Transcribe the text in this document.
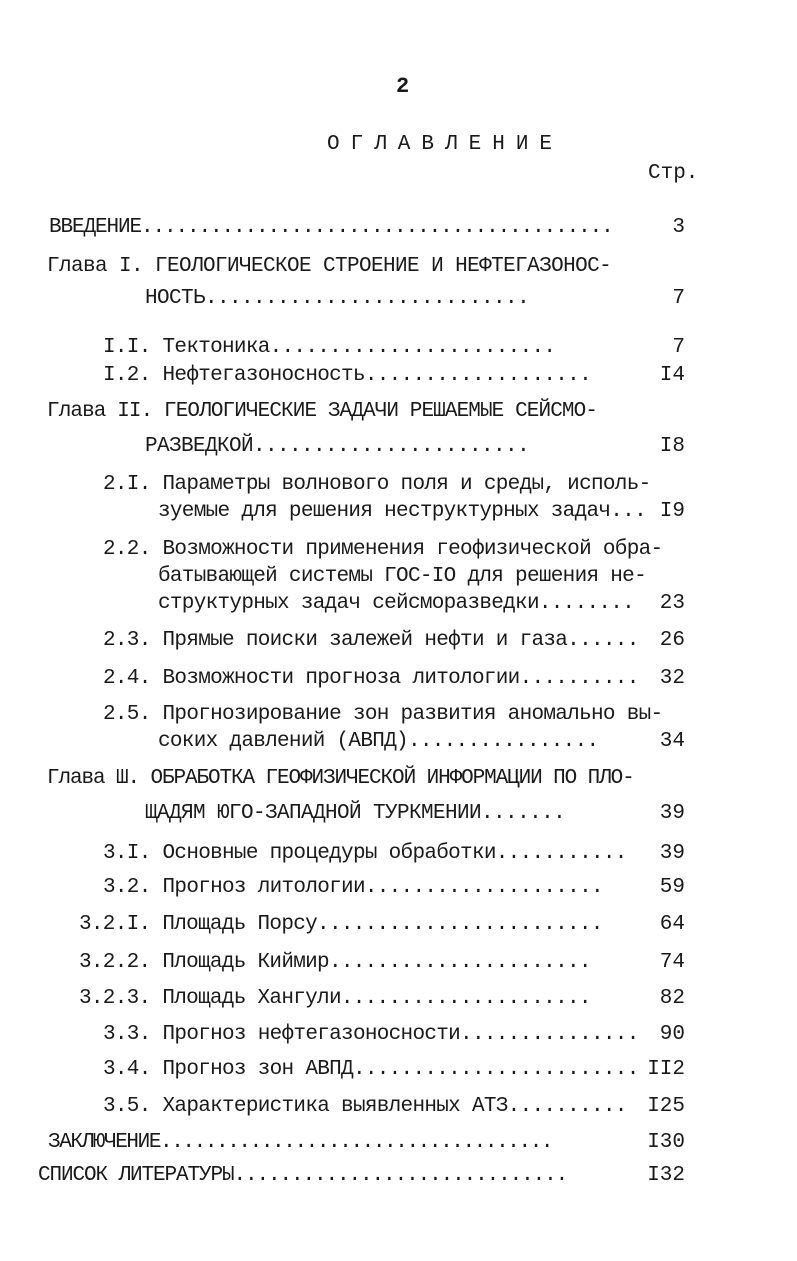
2
ОГЛАВЛЕНИЕ
Стр.
ВВЕДЕНИЕ.........................................	3
Глава I. ГЕОЛОГИЧЕСКОЕ СТРОЕНИЕ И НЕФТЕГАЗОНОС-
НОСТЬ...........................	7
I.I. Тектоника........................	7
I.2. Нефтегазоносность...................	I4
Глава II. ГЕОЛОГИЧЕСКИЕ ЗАДАЧИ РЕШАЕМЫЕ СЕЙСМО-
РАЗВЕДКОЙ.......................	I8
2.I. Параметры волнового поля и среды, исполь-
зуемые для решения неструктурных задач... I9
2.2. Возможности применения геофизической обра-
батывающей системы ГОС-IO для решения не-
структурных задач сейсморазведки........ 23
2.3. Прямые поиски залежей нефти и газа...... 26
2.4. Возможности прогноза литологии.......... 32
2.5. Прогнозирование зон развития аномально вы-
соких давлений (АВПД)................	34
Глава Ш. ОБРАБОТКА ГЕОФИЗИЧЕСКОЙ ИНФОРМАЦИИ ПО ПЛО-
ЩАДЯМ ЮГО-ЗАПАДНОЙ ТУРКМЕНИИ.......	39
3.I. Основные процедуры обработки........... 39
3.2. Прогноз литологии....................	59
3.2.I. Площадь Порсу........................	64
3.2.2. Площадь Киймир......................	74
3.2.3. Площадь Хангули.....................	82
3.3. Прогноз нефтегазоносности............... 90
3.4. Прогноз зон АВПД........................ II2
3.5. Характеристика выявленных АТЗ.......... I25
ЗАКЛЮЧЕНИЕ...................................	I30
СПИСОК ЛИТЕРАТУРЫ.............................	I32
